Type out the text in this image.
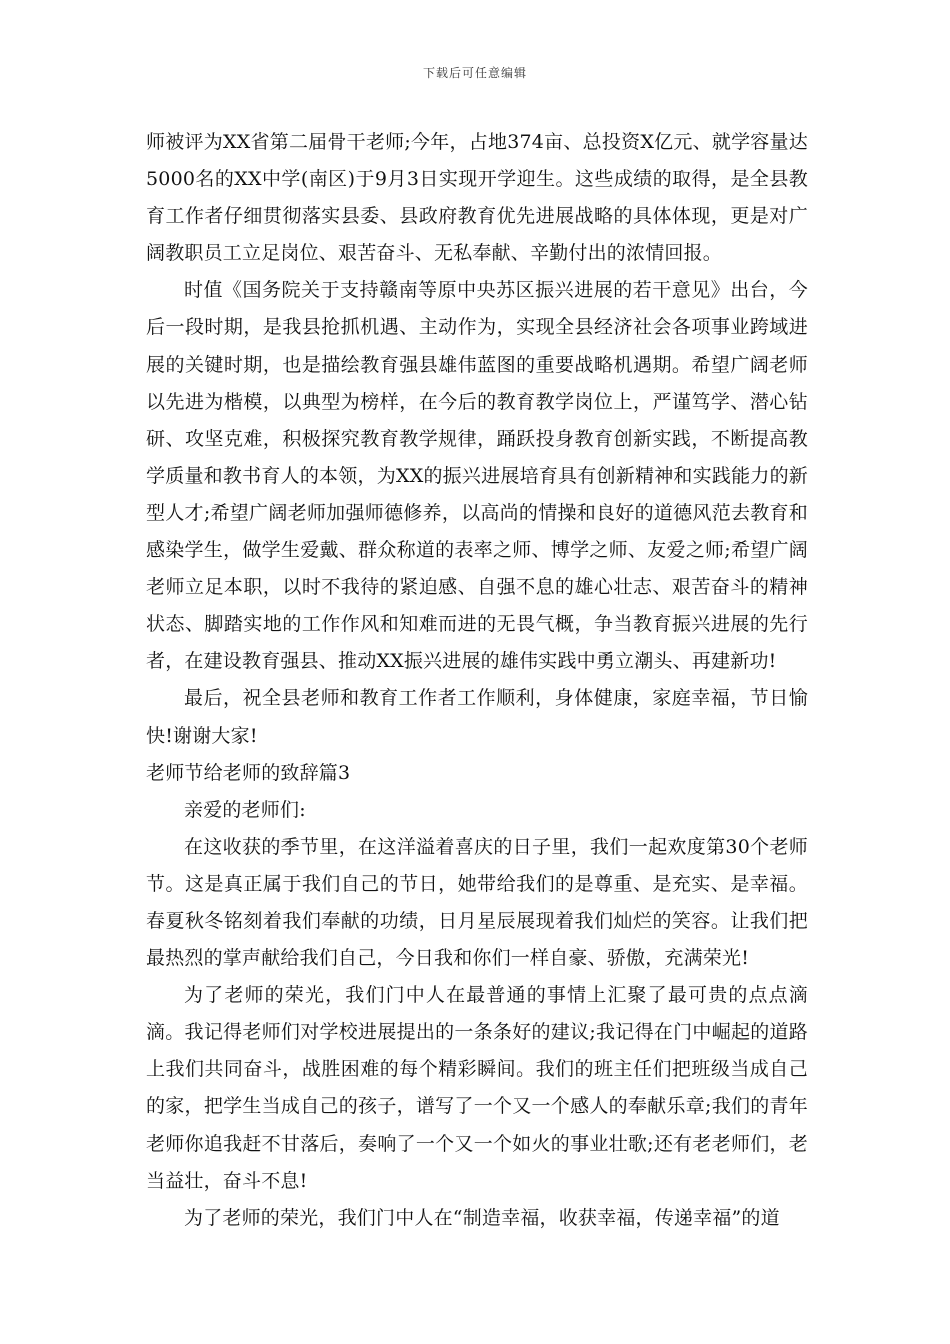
下载后可任意编辑

师被评为XX省第二届骨干老师;今年，占地374亩、总投资X亿元、就学容量达5000名的XX中学(南区)于9月3日实现开学迎生。这些成绩的取得，是全县教育工作者仔细贯彻落实县委、县政府教育优先进展战略的具体体现，更是对广阔教职员工立足岗位、艰苦奋斗、无私奉献、辛勤付出的浓情回报。

时值《国务院关于支持赣南等原中央苏区振兴进展的若干意见》出台，今后一段时期，是我县抢抓机遇、主动作为，实现全县经济社会各项事业跨域进展的关键时期，也是描绘教育强县雄伟蓝图的重要战略机遇期。希望广阔老师以先进为楷模，以典型为榜样，在今后的教育教学岗位上，严谨笃学、潜心钻研、攻坚克难，积极探究教育教学规律，踊跃投身教育创新实践，不断提高教学质量和教书育人的本领，为XX的振兴进展培育具有创新精神和实践能力的新型人才;希望广阔老师加强师德修养，以高尚的情操和良好的道德风范去教育和感染学生，做学生爱戴、群众称道的表率之师、博学之师、友爱之师;希望广阔老师立足本职，以时不我待的紧迫感、自强不息的雄心壮志、艰苦奋斗的精神状态、脚踏实地的工作作风和知难而进的无畏气概，争当教育振兴进展的先行者，在建设教育强县、推动XX振兴进展的雄伟实践中勇立潮头、再建新功!

最后，祝全县老师和教育工作者工作顺利，身体健康，家庭幸福，节日愉快!谢谢大家!

老师节给老师的致辞篇3

亲爱的老师们:

在这收获的季节里，在这洋溢着喜庆的日子里，我们一起欢度第30个老师节。这是真正属于我们自己的节日，她带给我们的是尊重、是充实、是幸福。春夏秋冬铭刻着我们奉献的功绩，日月星辰展现着我们灿烂的笑容。让我们把最热烈的掌声献给我们自己，今日我和你们一样自豪、骄傲，充满荣光!

为了老师的荣光，我们门中人在最普通的事情上汇聚了最可贵的点点滴滴。我记得老师们对学校进展提出的一条条好的建议;我记得在门中崛起的道路上我们共同奋斗，战胜困难的每个精彩瞬间。我们的班主任们把班级当成自己的家，把学生当成自己的孩子，谱写了一个又一个感人的奉献乐章;我们的青年老师你追我赶不甘落后，奏响了一个又一个如火的事业壮歌;还有老老师们，老当益壮，奋斗不息!

为了老师的荣光，我们门中人在“制造幸福，收获幸福，传递幸福”的道
